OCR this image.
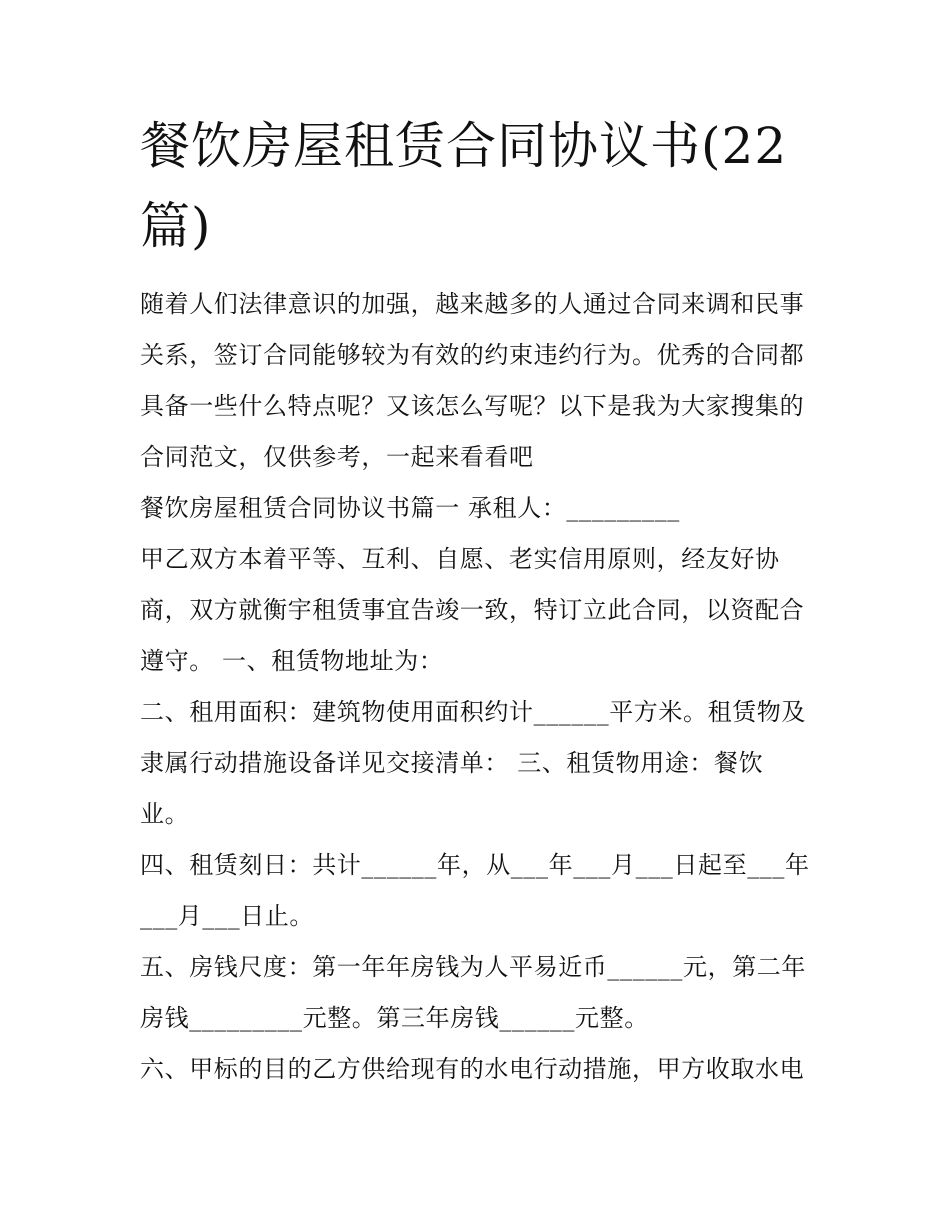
餐饮房屋租赁合同协议书(22
篇)
随着人们法律意识的加强，越来越多的人通过合同来调和民事
关系，签订合同能够较为有效的约束违约行为。优秀的合同都
具备一些什么特点呢？又该怎么写呢？以下是我为大家搜集的
合同范文，仅供参考，一起来看看吧
餐饮房屋租赁合同协议书篇一 承租人：_________
甲乙双方本着平等、互利、自愿、老实信用原则，经友好协
商，双方就衡宇租赁事宜告竣一致，特订立此合同，以资配合
遵守。 一、租赁物地址为：
二、租用面积：建筑物使用面积约计______平方米。租赁物及
隶属行动措施设备详见交接清单： 三、租赁物用途：餐饮
业。
四、租赁刻日：共计______年，从___年___月___日起至___年
___月___日止。
五、房钱尺度：第一年年房钱为人平易近币______元，第二年
房钱_________元整。第三年房钱______元整。
六、甲标的目的乙方供给现有的水电行动措施，甲方收取水电
